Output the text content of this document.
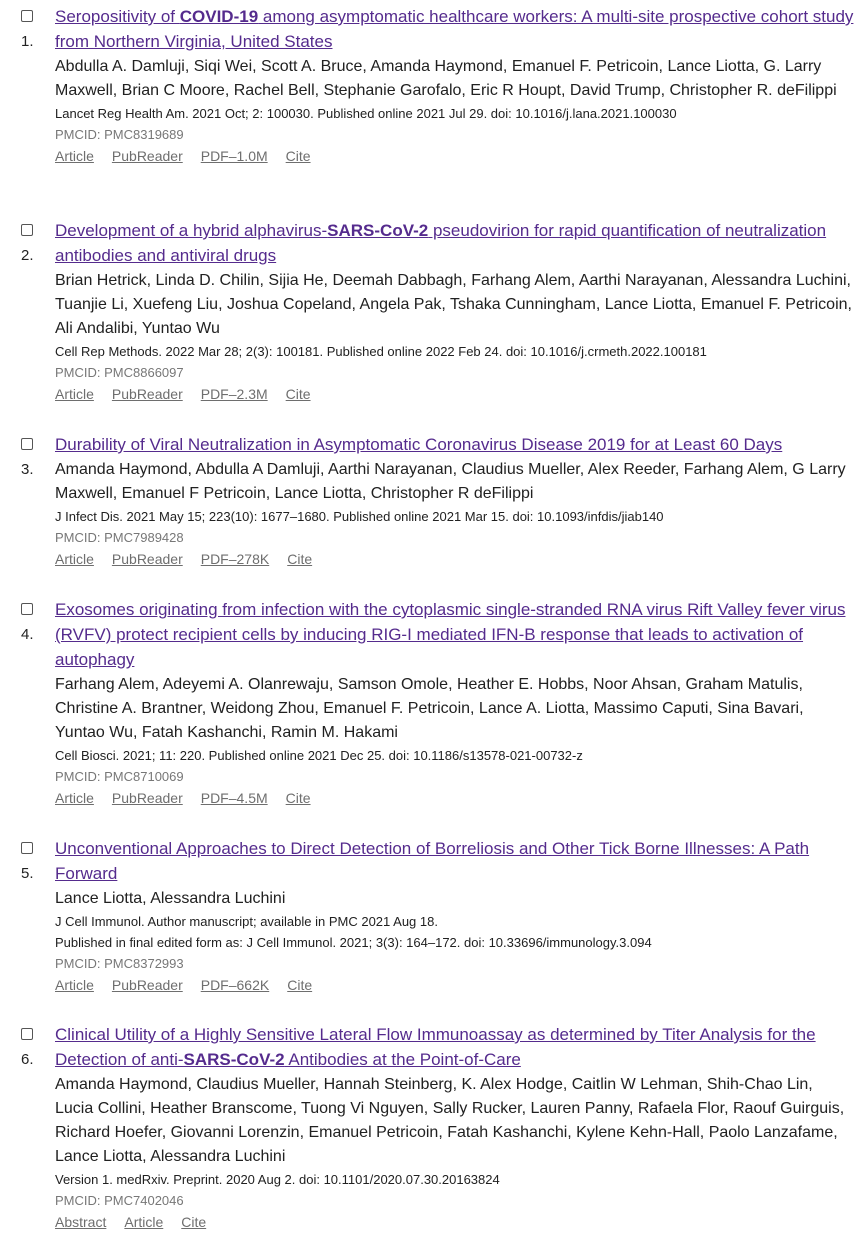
1.
Seropositivity of COVID-19 among asymptomatic healthcare workers: A multi-site prospective cohort study from Northern Virginia, United States
Abdulla A. Damluji, Siqi Wei, Scott A. Bruce, Amanda Haymond, Emanuel F. Petricoin, Lance Liotta, G. Larry Maxwell, Brian C Moore, Rachel Bell, Stephanie Garofalo, Eric R Houpt, David Trump, Christopher R. deFilippi
Lancet Reg Health Am. 2021 Oct; 2: 100030. Published online 2021 Jul 29. doi: 10.1016/j.lana.2021.100030
PMCID: PMC8319689
Article PubReader PDF–1.0M Cite
2.
Development of a hybrid alphavirus-SARS-CoV-2 pseudovirion for rapid quantification of neutralization antibodies and antiviral drugs
Brian Hetrick, Linda D. Chilin, Sijia He, Deemah Dabbagh, Farhang Alem, Aarthi Narayanan, Alessandra Luchini, Tuanjie Li, Xuefeng Liu, Joshua Copeland, Angela Pak, Tshaka Cunningham, Lance Liotta, Emanuel F. Petricoin, Ali Andalibi, Yuntao Wu
Cell Rep Methods. 2022 Mar 28; 2(3): 100181. Published online 2022 Feb 24. doi: 10.1016/j.crmeth.2022.100181
PMCID: PMC8866097
Article PubReader PDF–2.3M Cite
3.
Durability of Viral Neutralization in Asymptomatic Coronavirus Disease 2019 for at Least 60 Days
Amanda Haymond, Abdulla A Damluji, Aarthi Narayanan, Claudius Mueller, Alex Reeder, Farhang Alem, G Larry Maxwell, Emanuel F Petricoin, Lance Liotta, Christopher R deFilippi
J Infect Dis. 2021 May 15; 223(10): 1677–1680. Published online 2021 Mar 15. doi: 10.1093/infdis/jiab140
PMCID: PMC7989428
Article PubReader PDF–278K Cite
4.
Exosomes originating from infection with the cytoplasmic single-stranded RNA virus Rift Valley fever virus (RVFV) protect recipient cells by inducing RIG-I mediated IFN-B response that leads to activation of autophagy
Farhang Alem, Adeyemi A. Olanrewaju, Samson Omole, Heather E. Hobbs, Noor Ahsan, Graham Matulis, Christine A. Brantner, Weidong Zhou, Emanuel F. Petricoin, Lance A. Liotta, Massimo Caputi, Sina Bavari, Yuntao Wu, Fatah Kashanchi, Ramin M. Hakami
Cell Biosci. 2021; 11: 220. Published online 2021 Dec 25. doi: 10.1186/s13578-021-00732-z
PMCID: PMC8710069
Article PubReader PDF–4.5M Cite
5.
Unconventional Approaches to Direct Detection of Borreliosis and Other Tick Borne Illnesses: A Path Forward
Lance Liotta, Alessandra Luchini
J Cell Immunol. Author manuscript; available in PMC 2021 Aug 18.
Published in final edited form as: J Cell Immunol. 2021; 3(3): 164–172. doi: 10.33696/immunology.3.094
PMCID: PMC8372993
Article PubReader PDF–662K Cite
6.
Clinical Utility of a Highly Sensitive Lateral Flow Immunoassay as determined by Titer Analysis for the Detection of anti-SARS-CoV-2 Antibodies at the Point-of-Care
Amanda Haymond, Claudius Mueller, Hannah Steinberg, K. Alex Hodge, Caitlin W Lehman, Shih-Chao Lin, Lucia Collini, Heather Branscome, Tuong Vi Nguyen, Sally Rucker, Lauren Panny, Rafaela Flor, Raouf Guirguis, Richard Hoefer, Giovanni Lorenzin, Emanuel Petricoin, Fatah Kashanchi, Kylene Kehn-Hall, Paolo Lanzafame, Lance Liotta, Alessandra Luchini
Version 1. medRxiv. Preprint. 2020 Aug 2. doi: 10.1101/2020.07.30.20163824
PMCID: PMC7402046
Abstract Article Cite
